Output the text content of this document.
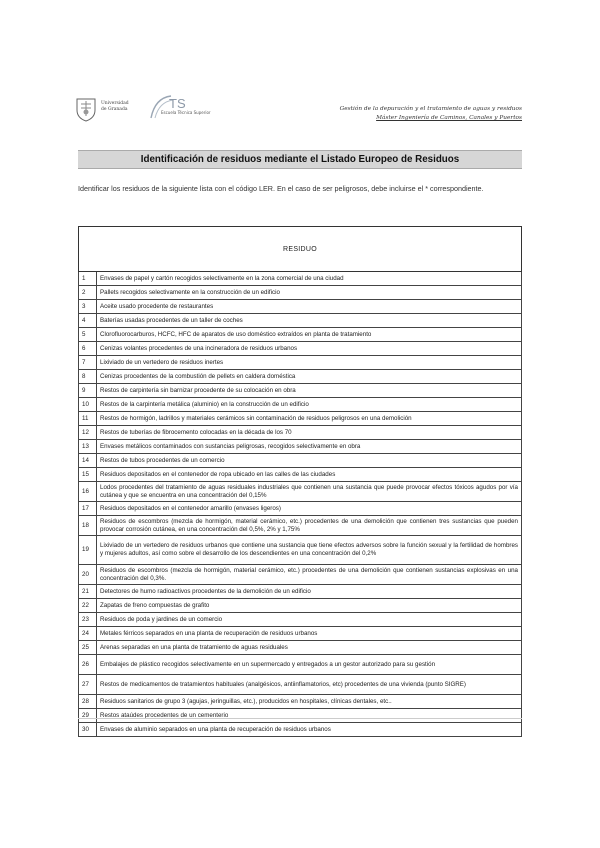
Universidad
de Granada	TS
Escuela Técnica Superior
Gestión de la depuración y el tratamiento de aguas y residuos
Máster Ingeniería de Caminos, Canales y Puertos
Identificación de residuos mediante el Listado Europeo de Residuos
Identificar los residuos de la siguiente lista con el código LER. En el caso de ser peligrosos, debe incluirse el * correspondiente.
RESIDUO	
1	Envases de papel y cartón recogidos selectivamente en la zona comercial de una ciudad
2	Pallets recogidos selectivamente en la construcción de un edificio
3	Aceite usado procedente de restaurantes
4	Baterías usadas procedentes de un taller de coches
5	Clorofluorocarburos, HCFC, HFC de aparatos de uso doméstico extraídos en planta de tratamiento
6	Cenizas volantes procedentes de una incineradora de residuos urbanos
7	Lixiviado de un vertedero de residuos inertes
8	Cenizas procedentes de la combustión de pellets en caldera doméstica
9	Restos de carpintería sin barnizar procedente de su colocación en obra
10	Restos de la carpintería metálica (aluminio) en la construcción de un edificio
11	Restos de hormigón, ladrillos y materiales cerámicos sin contaminación de residuos peligrosos en una demolición
12	Restos de tuberías de fibrocemento colocadas en la década de los 70
13	Envases metálicos contaminados con sustancias peligrosas, recogidos selectivamente en obra
14	Restos de tubos procedentes de un comercio
15	Residuos depositados en el contenedor de ropa ubicado en las calles de las ciudades
16	Lodos procedentes del tratamiento de aguas residuales industriales que contienen una sustancia que puede provocar efectos tóxicos agudos por vía cutánea y que se encuentra en una concentración del 0,15%
17	Residuos depositados en el contenedor amarillo (envases ligeros)
18	Residuos de escombros (mezcla de hormigón, material cerámico, etc.) procedentes de una demolición que contienen tres sustancias que pueden provocar corrosión cutánea, en una concentración del 0,5%, 2% y 1,75%
19	Lixiviado de un vertedero de residuos urbanos que contiene una sustancia que tiene efectos adversos sobre la función sexual y la fertilidad de hombres y mujeres adultos, así como sobre el desarrollo de los descendientes en una concentración del 0,2%
20	Residuos de escombros (mezcla de hormigón, material cerámico, etc.) procedentes de una demolición que contienen sustancias explosivas en una concentración del 0,3%.
21	Detectores de humo radioactivos procedentes de la demolición de un edificio
22	Zapatas de freno compuestas de grafito
23	Residuos de poda y jardines de un comercio
24	Metales férricos separados en una planta de recuperación de residuos urbanos
25	Arenas separadas en una planta de tratamiento de aguas residuales
26	Embalajes de plástico recogidos selectivamente en un supermercado y entregados a un gestor autorizado para su gestión
27	Restos de medicamentos de tratamientos habituales (analgésicos, antiinflamatorios, etc) procedentes de una vivienda (punto SIGRE)
28	Residuos sanitarios de grupo 3 (agujas, jeringuillas, etc.), producidos en hospitales, clínicas dentales, etc..
29	Restos ataúdes procedentes de un cementerio
30	Envases de aluminio separados en una planta de recuperación de residuos urbanos
